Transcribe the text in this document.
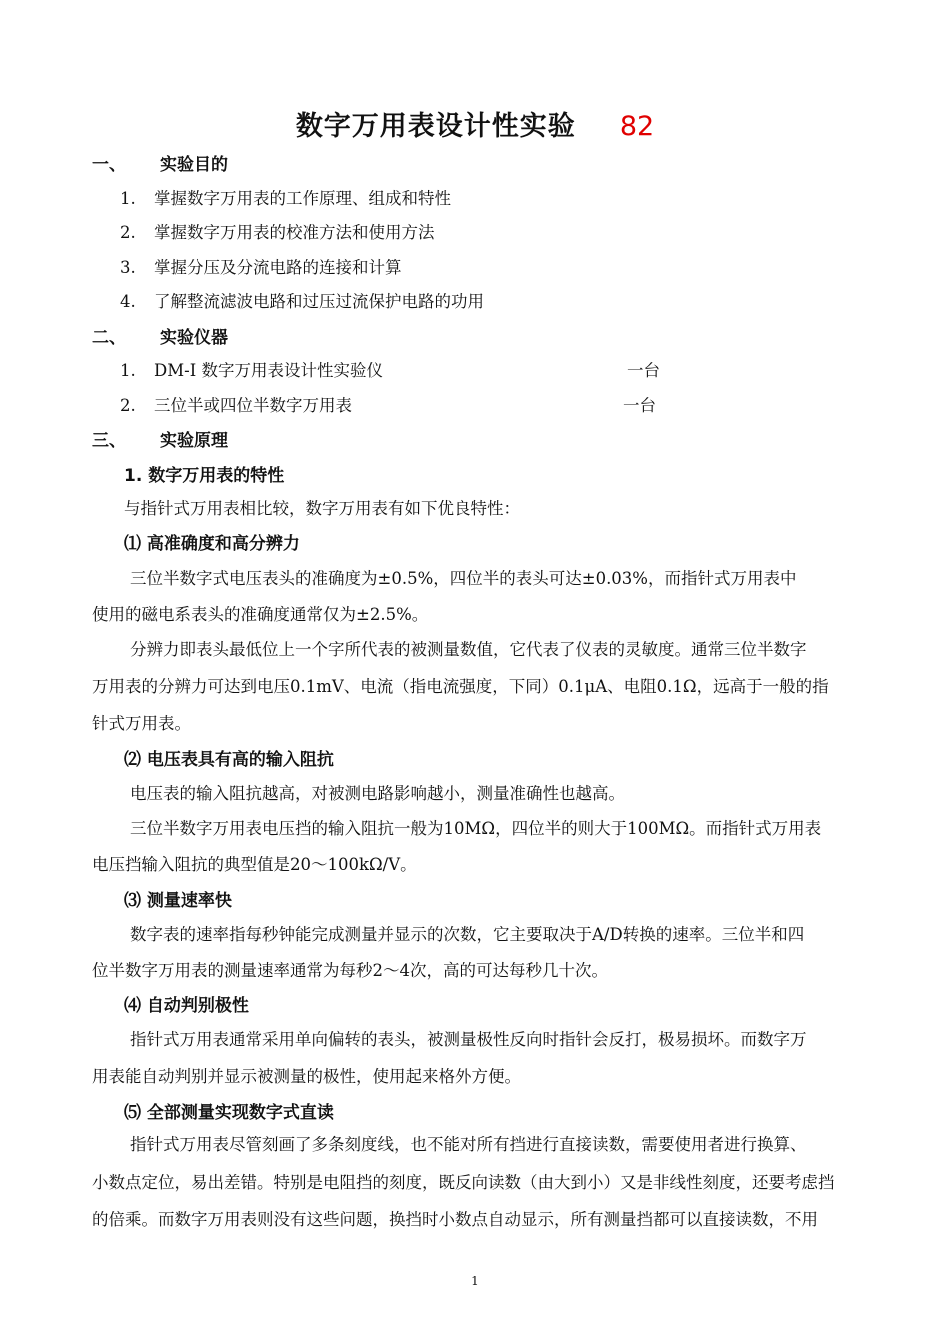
数字万用表设计性实验 82
一、 实验目的
1. 掌握数字万用表的工作原理、组成和特性
2. 掌握数字万用表的校准方法和使用方法
3. 掌握分压及分流电路的连接和计算
4. 了解整流滤波电路和过压过流保护电路的功用
二、 实验仪器
1. DM-Ⅰ 数字万用表设计性实验仪	一台
2. 三位半或四位半数字万用表	一台
三、 实验原理
1. 数字万用表的特性
与指针式万用表相比较，数字万用表有如下优良特性：
⑴ 高准确度和高分辨力
三位半数字式电压表头的准确度为±0.5%，四位半的表头可达±0.03%，而指针式万用表中
使用的磁电系表头的准确度通常仅为±2.5%。
分辨力即表头最低位上一个字所代表的被测量数值，它代表了仪表的灵敏度。通常三位半数字
万用表的分辨力可达到电压0.1mV、电流（指电流强度，下同）0.1μA、电阻0.1Ω，远高于一般的指
针式万用表。
⑵ 电压表具有高的输入阻抗
电压表的输入阻抗越高，对被测电路影响越小，测量准确性也越高。
三位半数字万用表电压挡的输入阻抗一般为10MΩ，四位半的则大于100MΩ。而指针式万用表
电压挡输入阻抗的典型值是20～100kΩ/V。
⑶ 测量速率快
数字表的速率指每秒钟能完成测量并显示的次数，它主要取决于A/D转换的速率。三位半和四
位半数字万用表的测量速率通常为每秒2～4次，高的可达每秒几十次。
⑷ 自动判别极性
指针式万用表通常采用单向偏转的表头，被测量极性反向时指针会反打，极易损坏。而数字万
用表能自动判别并显示被测量的极性，使用起来格外方便。
⑸ 全部测量实现数字式直读
指针式万用表尽管刻画了多条刻度线，也不能对所有挡进行直接读数，需要使用者进行换算、
小数点定位，易出差错。特别是电阻挡的刻度，既反向读数（由大到小）又是非线性刻度，还要考虑挡
的倍乘。而数字万用表则没有这些问题，换挡时小数点自动显示，所有测量挡都可以直接读数，不用
1
